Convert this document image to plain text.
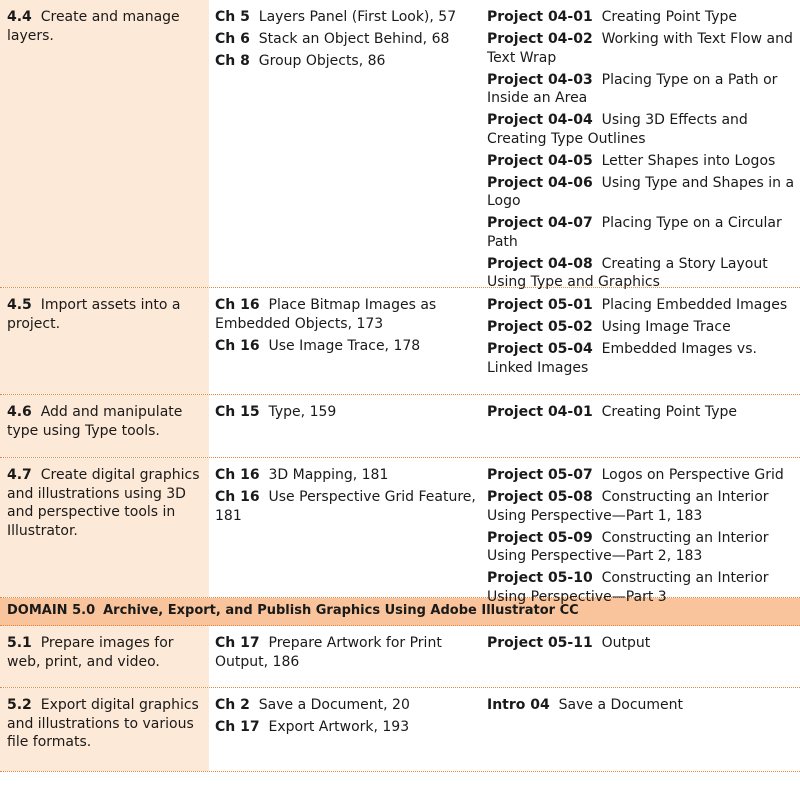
4.4 Create and manage layers.
Ch 5 Layers Panel (First Look), 57
Ch 6 Stack an Object Behind, 68
Ch 8 Group Objects, 86
Project 04-01 Creating Point Type
Project 04-02 Working with Text Flow and Text Wrap
Project 04-03 Placing Type on a Path or Inside an Area
Project 04-04 Using 3D Effects and Creating Type Outlines
Project 04-05 Letter Shapes into Logos
Project 04-06 Using Type and Shapes in a Logo
Project 04-07 Placing Type on a Circular Path
Project 04-08 Creating a Story Layout Using Type and Graphics
4.5 Import assets into a project.
Ch 16 Place Bitmap Images as Embedded Objects, 173
Ch 16 Use Image Trace, 178
Project 05-01 Placing Embedded Images
Project 05-02 Using Image Trace
Project 05-04 Embedded Images vs. Linked Images
4.6 Add and manipulate type using Type tools.
Ch 15 Type, 159	Project 04-01 Creating Point Type
4.7 Create digital graphics and illustrations using 3D and perspective tools in Illustrator.
Ch 16 3D Mapping, 181
Ch 16 Use Perspective Grid Feature, 181
Project 05-07 Logos on Perspective Grid
Project 05-08 Constructing an Interior Using Perspective—Part 1, 183
Project 05-09 Constructing an Interior Using Perspective—Part 2, 183
Project 05-10 Constructing an Interior Using Perspective—Part 3
DOMAIN 5.0 Archive, Export, and Publish Graphics Using Adobe Illustrator CC
5.1 Prepare images for web, print, and video.
Ch 17 Prepare Artwork for Print Output, 186
Project 05-11 Output
5.2 Export digital graphics and illustrations to various file formats.
Ch 2 Save a Document, 20
Ch 17 Export Artwork, 193
Intro 04 Save a Document
